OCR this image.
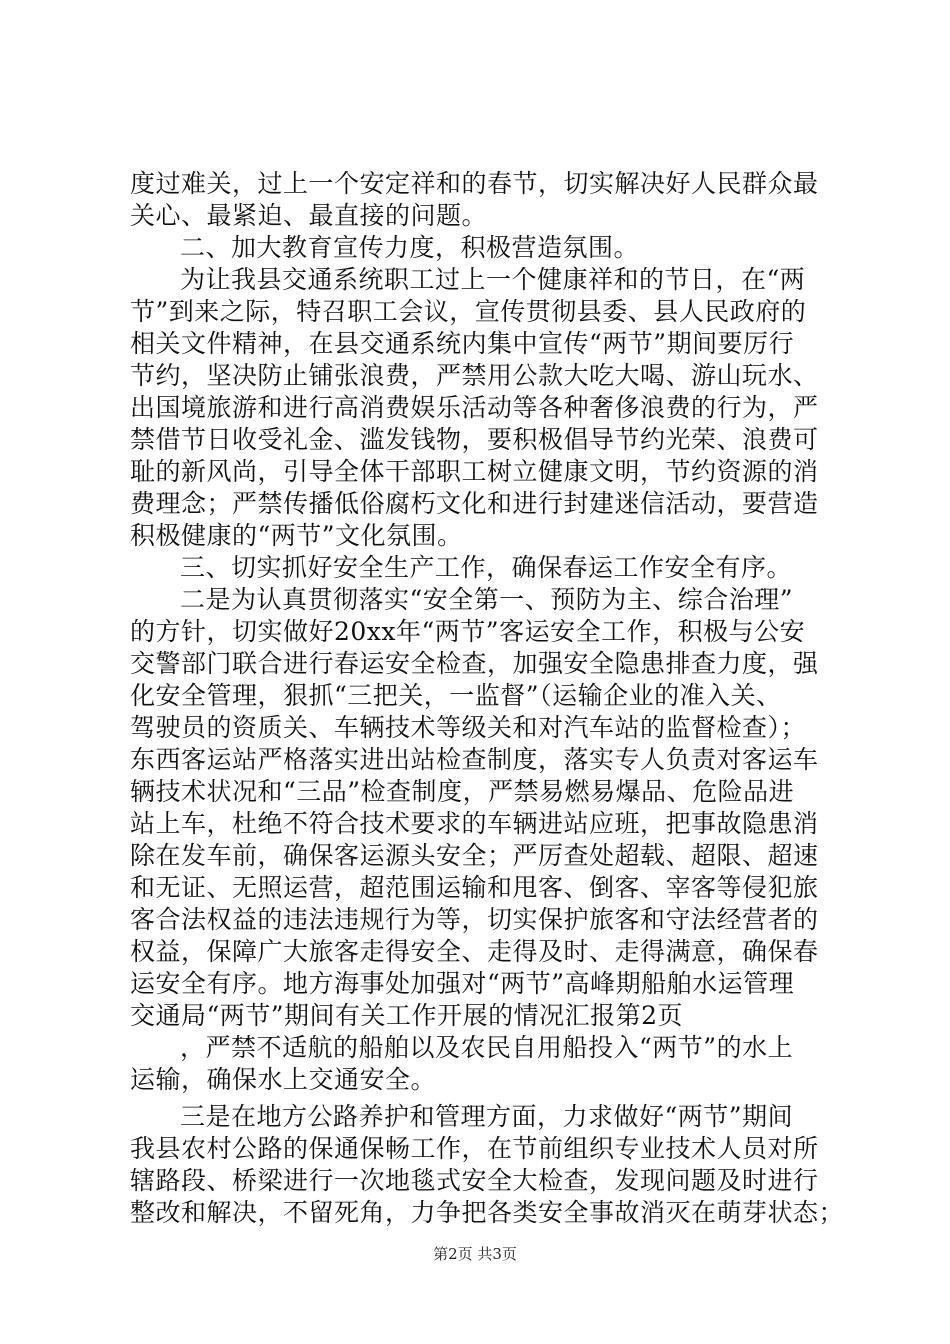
度过难关，过上一个安定祥和的春节，切实解决好人民群众最
关心、最紧迫、最直接的问题。
二、加大教育宣传力度，积极营造氛围。
为让我县交通系统职工过上一个健康祥和的节日，在“两
节”到来之际，特召职工会议，宣传贯彻县委、县人民政府的
相关文件精神，在县交通系统内集中宣传“两节”期间要厉行
节约，坚决防止铺张浪费，严禁用公款大吃大喝、游山玩水、
出国境旅游和进行高消费娱乐活动等各种奢侈浪费的行为，严
禁借节日收受礼金、滥发钱物，要积极倡导节约光荣、浪费可
耻的新风尚，引导全体干部职工树立健康文明，节约资源的消
费理念；严禁传播低俗腐朽文化和进行封建迷信活动，要营造
积极健康的“两节”文化氛围。
三、切实抓好安全生产工作，确保春运工作安全有序。
二是为认真贯彻落实“安全第一、预防为主、综合治理”
的方针，切实做好20xx年“两节”客运安全工作，积极与公安
交警部门联合进行春运安全检查，加强安全隐患排查力度，强
化安全管理，狠抓“三把关，一监督”（运输企业的准入关、
驾驶员的资质关、车辆技术等级关和对汽车站的监督检查）；
东西客运站严格落实进出站检查制度，落实专人负责对客运车
辆技术状况和“三品”检查制度，严禁易燃易爆品、危险品进
站上车，杜绝不符合技术要求的车辆进站应班，把事故隐患消
除在发车前，确保客运源头安全；严厉查处超载、超限、超速
和无证、无照运营，超范围运输和甩客、倒客、宰客等侵犯旅
客合法权益的违法违规行为等，切实保护旅客和守法经营者的
权益，保障广大旅客走得安全、走得及时、走得满意，确保春
运安全有序。地方海事处加强对“两节”高峰期船舶水运管理
交通局“两节”期间有关工作开展的情况汇报第2页
，严禁不适航的船舶以及农民自用船投入“两节”的水上
运输，确保水上交通安全。
三是在地方公路养护和管理方面，力求做好“两节”期间
我县农村公路的保通保畅工作，在节前组织专业技术人员对所
辖路段、桥梁进行一次地毯式安全大检查，发现问题及时进行
整改和解决，不留死角，力争把各类安全事故消灭在萌芽状态；
第2页 共3页
